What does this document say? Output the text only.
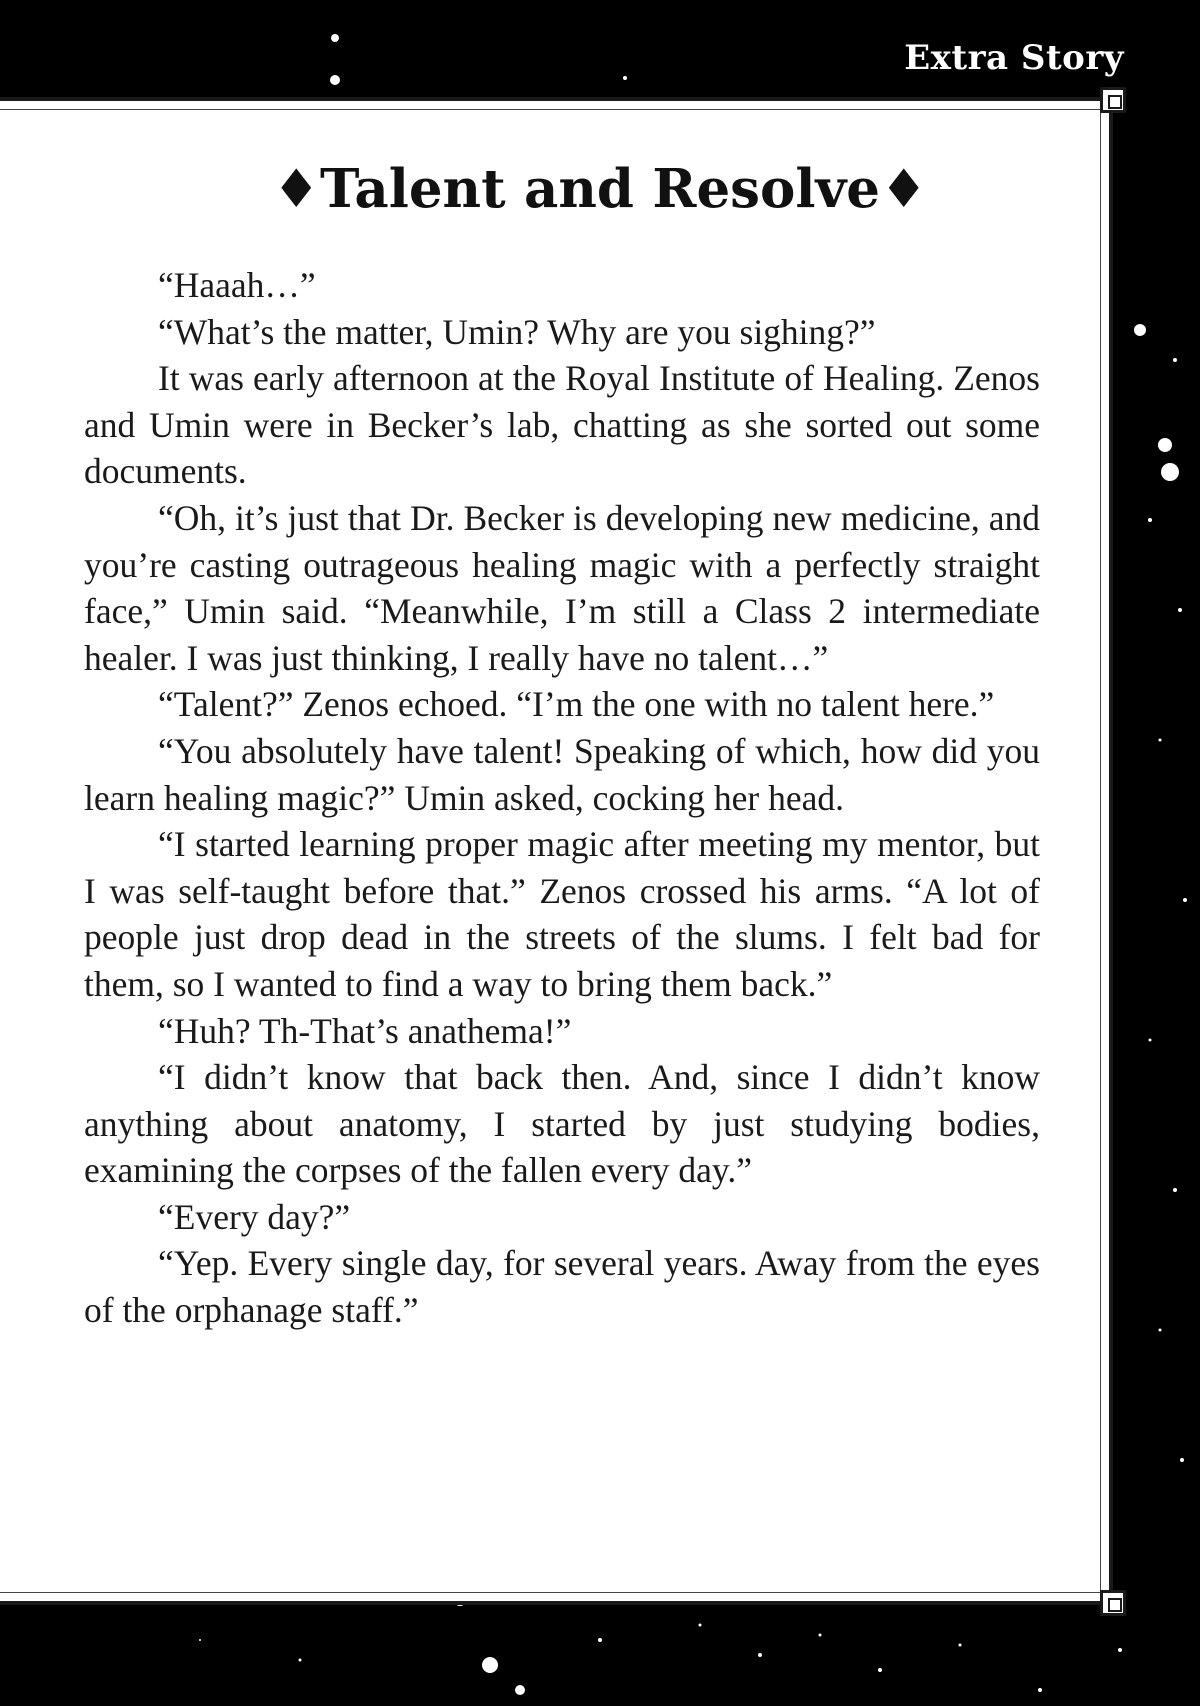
Extra Story
♦Talent and Resolve♦

“Haaah…”

“What’s the matter, Umin? Why are you sighing?”

It was early afternoon at the Royal Institute of Healing. Zenos and Umin were in Becker’s lab, chatting as she sorted out some documents.

“Oh, it’s just that Dr. Becker is developing new medicine, and you’re casting outrageous healing magic with a perfectly straight face,” Umin said. “Meanwhile, I’m still a Class 2 intermediate healer. I was just thinking, I really have no talent…”

“Talent?” Zenos echoed. “I’m the one with no talent here.”

“You absolutely have talent! Speaking of which, how did you learn healing magic?” Umin asked, cocking her head.

“I started learning proper magic after meeting my mentor, but I was self-taught before that.” Zenos crossed his arms. “A lot of people just drop dead in the streets of the slums. I felt bad for them, so I wanted to find a way to bring them back.”

“Huh? Th-That’s anathema!”

“I didn’t know that back then. And, since I didn’t know anything about anatomy, I started by just studying bodies, examining the corpses of the fallen every day.”

“Every day?”

“Yep. Every single day, for several years. Away from the eyes of the orphanage staff.”
